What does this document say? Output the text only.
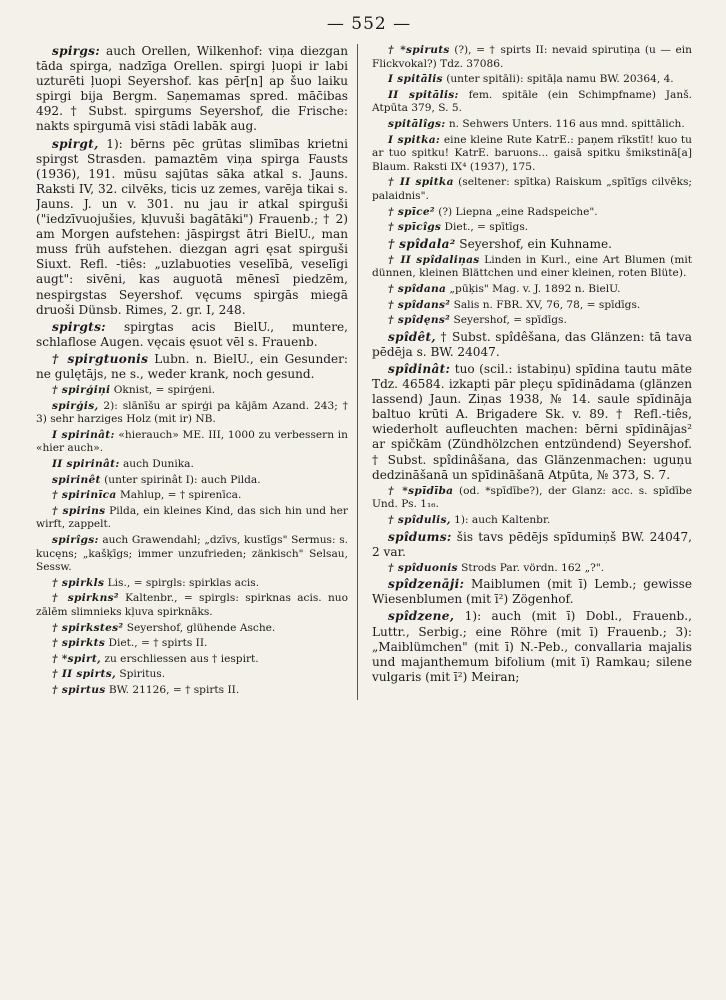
— 552 —

spirgs: auch Orellen, Wilkenhof: viņa diezgan tāda spirga, nadzīga Orellen. spirgi ļuopi ir labi uzturēti ļuopi Seyershof. kas pēr[n] ap šuo laiku spirgi bija Bergm. Saņemamas spred. māc̄ibas 492. † Subst. spirgums Seyershof, die Frische: nakts spirgumā visi stādi labāk aug.

spirgt, 1): bērns pēc grūtas slimības krietni spirgst Strasden. pamaztēm viņa spirga Fausts (1936), 191. mūsu sajūtas sāka atkal s. Jauns. Raksti IV, 32. cilvēks, ticis uz zemes, varēja tikai s. Jauns. J. un v. 301. nu jau ir atkal spirguši ("iedzīvuojušies, kļuvuši bagātāki") Frauenb.; † 2) am Morgen aufstehen: jāspirgst ātri BielU., man muss früh aufstehen. diezgan agri ęsat spirguši Siuxt. Refl. -tiês: „uzlabuoties veselībā, veselīgi augt": sivēni, kas auguotā mēnesī piedzēm, nespirgstas Seyershof. vęcums spirgās miegā druoši Dünsb. Rimes, 2. gr. I, 248.

spirgts: spirgtas acis BielU., muntere, schlaflose Augen. vęcais ęsuot vēl s. Frauenb.

† spirgtuonis Lubn. n. BielU., ein Gesunder: ne gulętājs, ne s., weder krank, noch gesund.

† spirģiņi Oknist, = spirģeni.

spirģis, 2): slānīšu ar spirģi pa kājām Azand. 243; † 3) sehr harziges Holz (mit ir) NB.

I spirinât: «hierauch» ME. III, 1000 zu verbessern in «hier auch».

II spirinât: auch Dunika.

spirinêt (unter spirinât I): auch Pilda.

† spirinīca Mahlup, = † spirenīca.

† spirins Pilda, ein kleines Kind, das sich hin und her wirft, zappelt.

spirîgs: auch Grawendahl; „dzīvs, kustīgs" Sermus: s. kucęns; „kašķīgs; immer unzufrieden; zänkisch" Selsau, Sessw.

† spirkls Lis., = spirgls: spirklas acis.

† spirkns² Kaltenbr., = spirgls: spirknas acis. nuo zālēm slimnieks kļuva spirknāks.

† spirkstes² Seyershof, glühende Asche.

† spirkts Diet., = † spirts II.

† *spirt, zu erschliessen aus † iespirt.

† II spirts, Spiritus.

† spirtus BW. 21126, = † spirts II.

† *spiruts (?), = † spirts II: nevaid spirutiņa (u — ein Flickvokal?) Tdz. 37086.

I spitālis (unter spitāli): spitāļa namu BW. 20364, 4.

II spitālis: fem. spitāle (ein Schimpfname) Janš. Atpūta 379, S. 5.

spitālîgs: n. Sehwers Unters. 116 aus mnd. spittālich.

I spitka: eine kleine Rute KatrE.: paņem rīkstīt! kuo tu ar tuo spitku! KatrE. baruons... gaisā spitku šmikstinā[a] Blaum. Raksti IX⁴ (1937), 175.

† II spitka (seltener: spītka) Raiskum „spītīgs cilvēks; palaidnis".

† spīce² (?) Liepna „eine Radspeiche".

† spīcîgs Diet., = spītīgs.

† spîdala² Seyershof, ein Kuhname.

† II spîdaliņas Linden in Kurl., eine Art Blumen (mit dünnen, kleinen Blättchen und einer kleinen, roten Blüte).

† spîdana „pūķis" Mag. v. J. 1892 n. BielU.

† spîdans² Salis n. FBR. XV, 76, 78, = spīdīgs.

† spîdęns² Seyershof, = spīdīgs.

spîdêt, † Subst. spîdêšana, das Glänzen: tā tava pēdēja s. BW. 24047.

spîdinât: tuo (scil.: istabiņu) spīdina tautu māte Tdz. 46584. izkapti pār pleçu spīdinādama (glänzen lassend) Jaun. Ziņas 1938, № 14. saule spīdināja baltuo krūti A. Brigadere Sk. v. 89. † Refl.-tiês, wiederholt aufleuchten machen: bērni spīdinājas² ar spičkām (Zündhölzchen entzündend) Seyershof. † Subst. spîdinâšana, das Glänzenmachen: uguņu dedzināšanā un spīdināšanā Atpūta, № 373, S. 7.

† *spīdība (od. *spīdībe?), der Glanz: acc. s. spīdībe Und. Ps. 1₁₆.

† spîdulis, 1): auch Kaltenbr.

spîdums: šis tavs pēdējs spīdumiņš BW. 24047, 2 var.

† spîduonis Strods Par. vördn. 162 „?".

spîdzenāji: Maiblumen (mit ī) Lemb.; gewisse Wiesenblumen (mit ī²) Zögenhof.

spîdzene, 1): auch (mit ī) Dobl., Frauenb., Luttr., Serbig.; eine Röhre (mit ī) Frauenb.; 3): „Maiblümchen" (mit ī) N.-Peb., convallaria majalis und majanthemum bifolium (mit ī) Ramkau; silene vulgaris (mit ī²) Meiran;
